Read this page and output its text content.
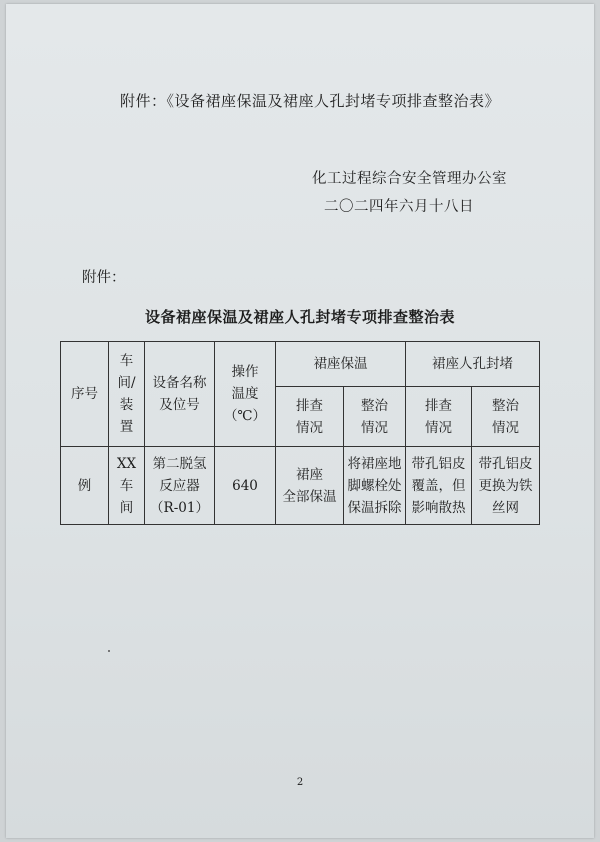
附件：《设备裙座保温及裙座人孔封堵专项排查整治表》
化工过程综合安全管理办公室
二〇二四年六月十八日
附件：
设备裙座保温及裙座人孔封堵专项排查整治表
序号	车
间/
装
置	设备名称
及位号	操作
温度
（℃）	裙座保温		裙座人孔封堵	

				排查
情况	整治
情况	排查
情况	整治
情况

例	XX
车
间	第二脱氢
反应器
（R-01）	640	裙座
全部保温	将裙座地
脚螺栓处
保温拆除	带孔铝皮
覆盖，但
影响散热	带孔铝皮
更换为铁
丝网
2
